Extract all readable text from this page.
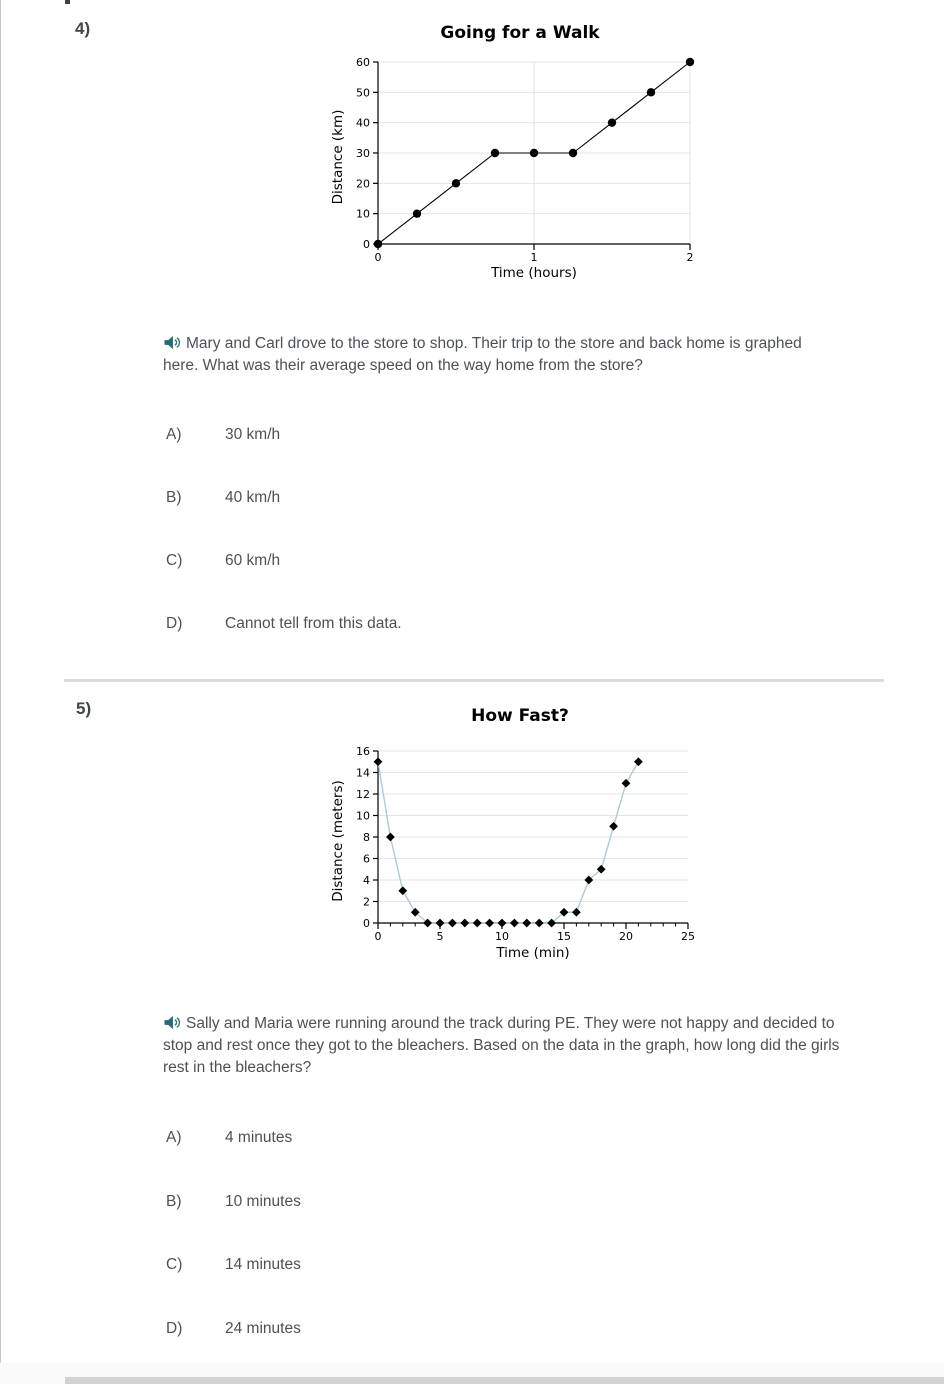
4)	Going for a Walk
0
10
20
30
40
50
60
0	1	2
Time (hours)
Distance (km)

Mary and Carl drove to the store to shop. Their trip to the store and back home is graphed here. What was their average speed on the way home from the store?

A)	30 km/h
B)	40 km/h
C)	60 km/h
D)	Cannot tell from this data.
5)	How Fast?
0
2
4
6
8
10
12
14
16
0	5	10	15	20	25
Time (min)
Distance (meters)

Sally and Maria were running around the track during PE. They were not happy and decided to stop and rest once they got to the bleachers. Based on the data in the graph, how long did the girls rest in the bleachers?

A)	4 minutes
B)	10 minutes
C)	14 minutes
D)	24 minutes
